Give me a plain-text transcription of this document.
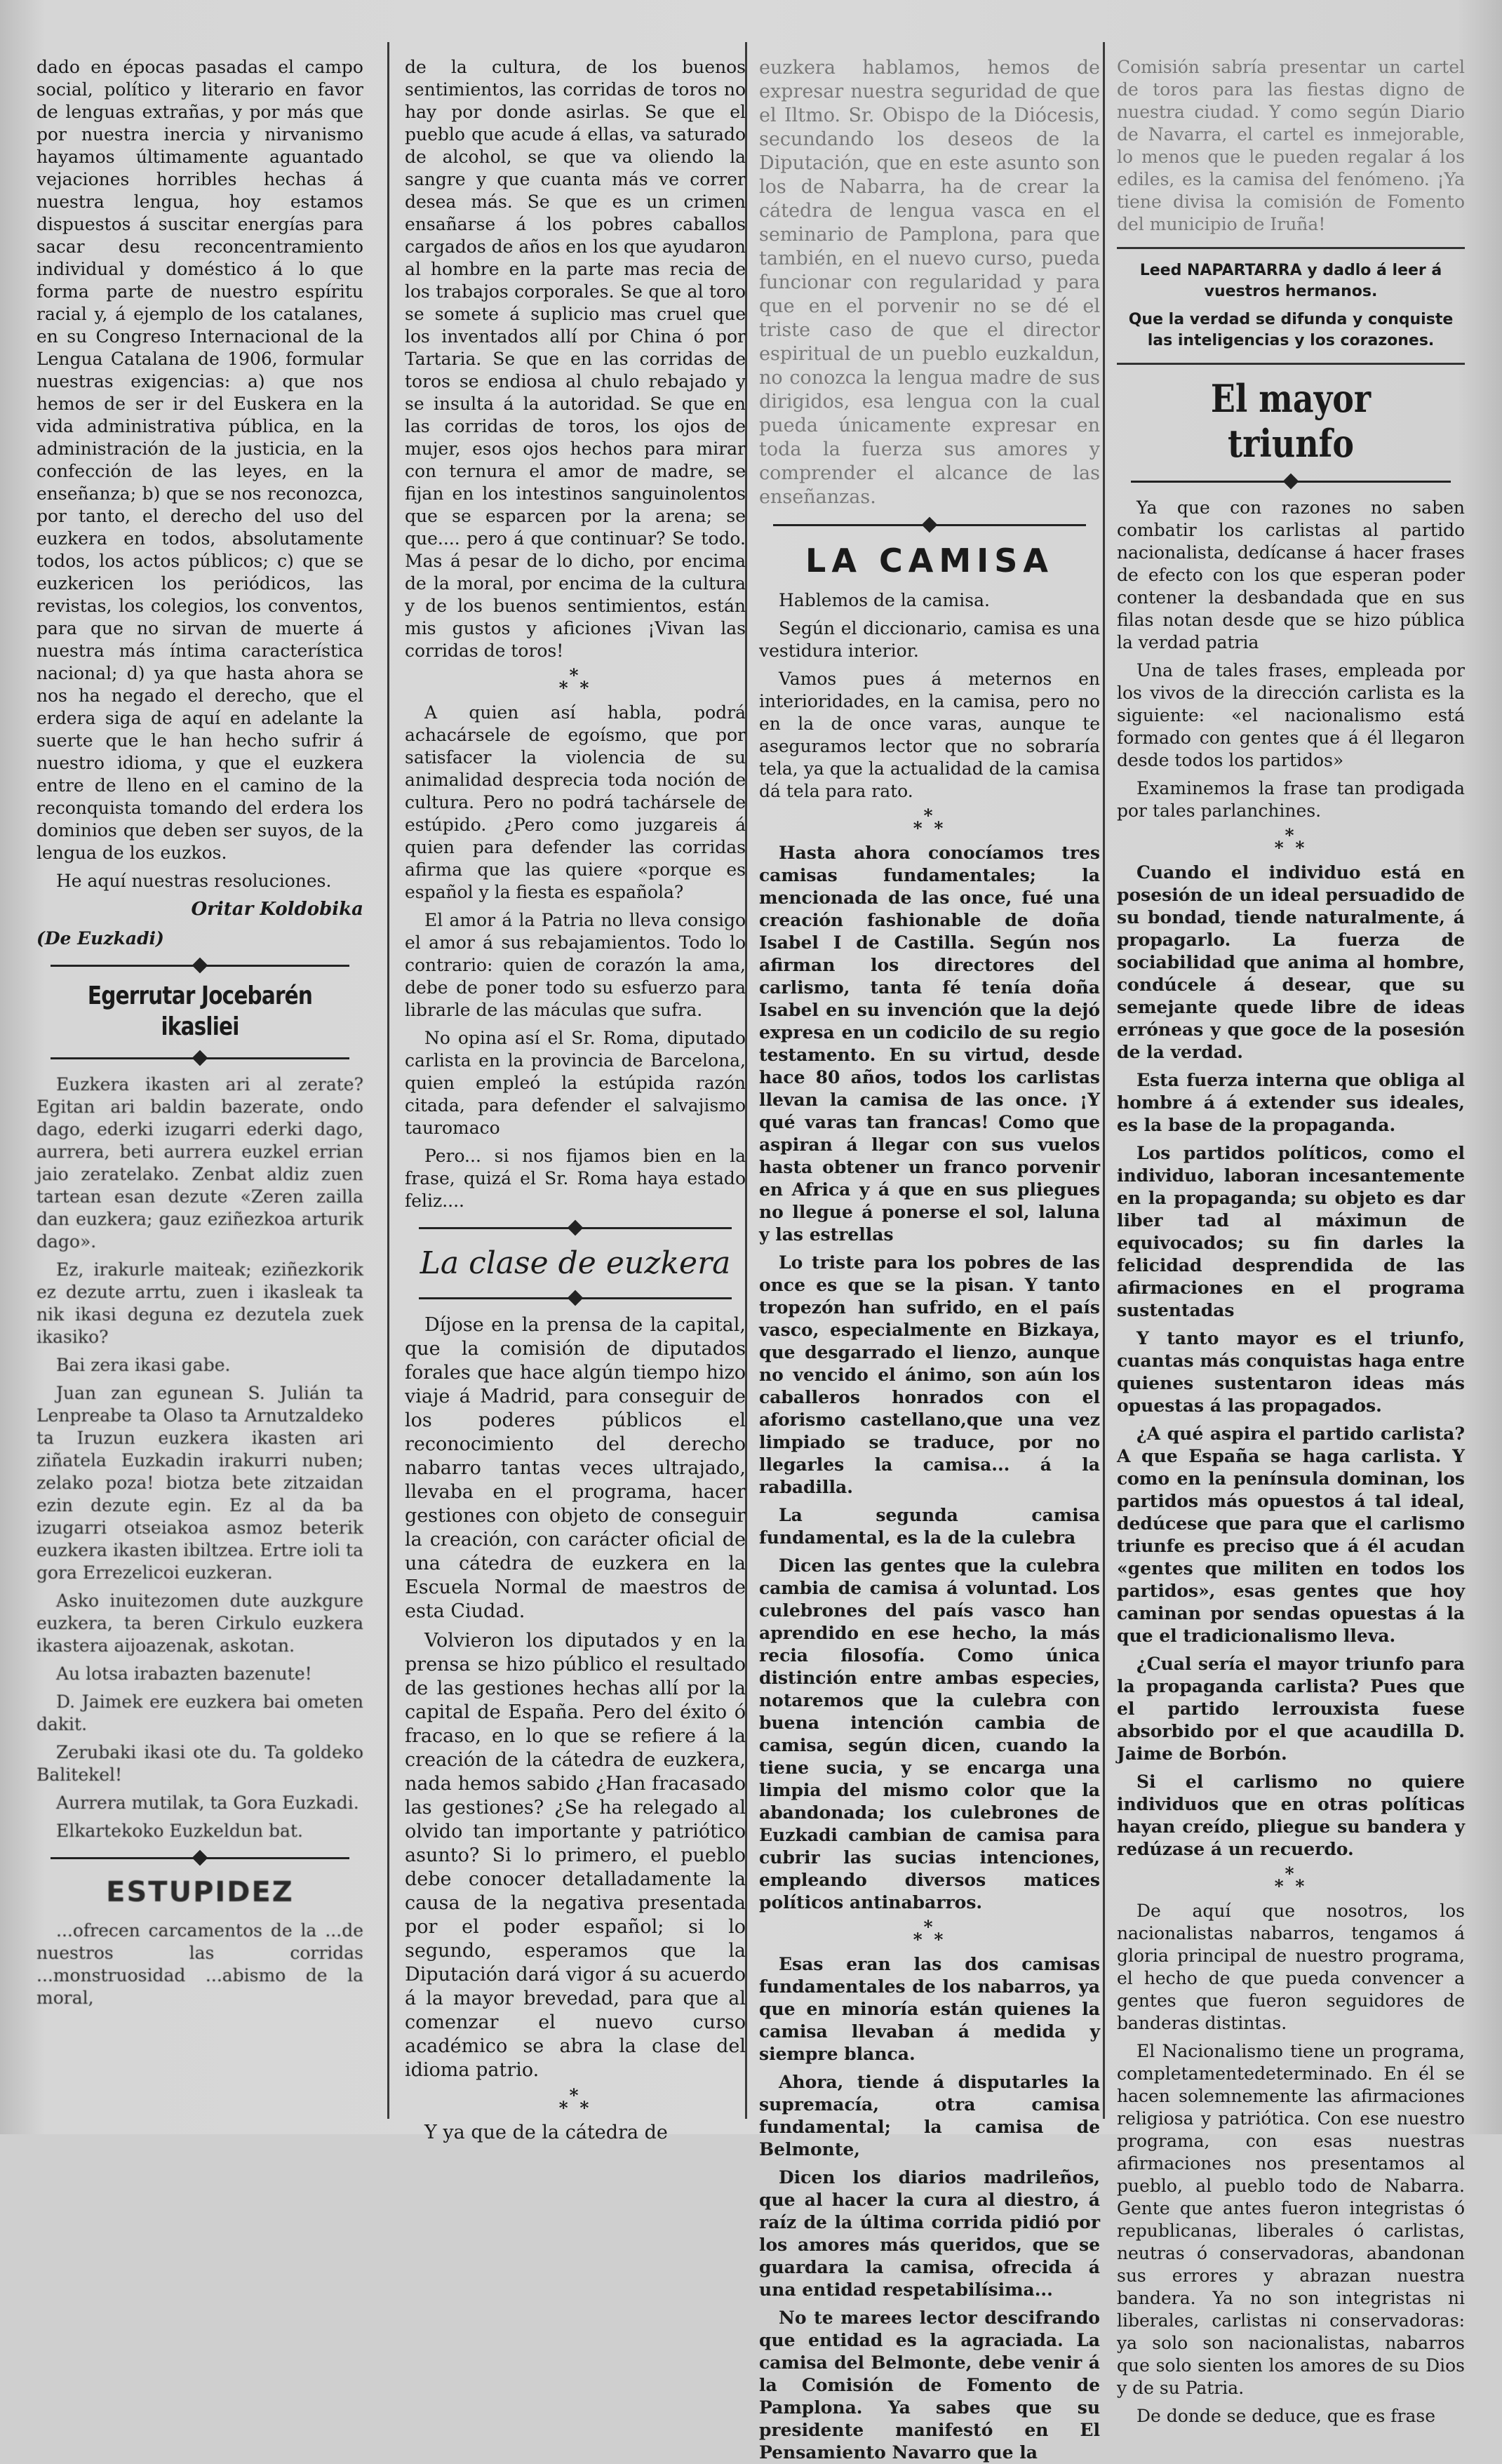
dado en épocas pasadas el campo social, político y literario en favor de lenguas extrañas, y por más que por nuestra inercia y nirvanismo hayamos últimamente aguantado vejaciones horribles hechas á nuestra lengua, hoy estamos dispuestos á suscitar energías para sacar desu reconcentramiento individual y doméstico á lo que forma parte de nuestro espíritu racial y, á ejemplo de los catalanes, en su Congreso Internacional de la Lengua Catalana de 1906, formular nuestras exigencias: a) que nos hemos de ser ir del Euskera en la vida administrativa pública, en la administración de la justicia, en la confección de las leyes, en la enseñanza; b) que se nos reconozca, por tanto, el derecho del uso del euzkera en todos, absolutamente todos, los actos públicos; c) que se euzkericen los periódicos, las revistas, los colegios, los conventos, para que no sirvan de muerte á nuestra más íntima característica nacional; d) ya que hasta ahora se nos ha negado el derecho, que el erdera siga de aquí en adelante la suerte que le han hecho sufrir á nuestro idioma, y que el euzkera entre de lleno en el camino de la reconquista tomando del erdera los dominios que deben ser suyos, de la lengua de los euzkos.

He aquí nuestras resoluciones.

Oritar Koldobika
(De Euzkadi)
Egerrutar Jocebarén ikasliei

Euzkera ikasten ari al zerate? Egitan ari baldin bazerate, ondo dago, ederki izugarri ederki dago, aurrera, beti aurrera euzkel errian jaio zeratelako. Zenbat aldiz zuen tartean esan dezute «Zeren zailla dan euzkera; gauz eziñezkoa arturik dago».

Ez, irakurle maiteak; eziñezkorik ez dezute arrtu, zuen i ikasleak ta nik ikasi deguna ez dezutela zuek ikasiko?

Bai zera ikasi gabe.

Juan zan egunean S. Julián ta Lenpreabe ta Olaso ta Arnutzaldeko ta Iruzun euzkera ikasten ari ziñatela Euzkadin irakurri nuben; zelako poza! biotza bete zitzaidan ezin dezute egin. Ez al da ba izugarri otseiakoa asmoz beterik euzkera ikasten ibiltzea. Ertre ioli ta gora Errezelicoi euzkeran.

Asko inuitezomen dute auzkgure euzkera, ta beren Cirkulo euzkera ikastera aijoazenak, askotan.

Au lotsa irabazten bazenute!

D. Jaimek ere euzkera bai ometen dakit.

Zerubaki ikasi ote du. Ta goldeko Balitekel!

Aurrera mutilak, ta Gora Euzkadi.

Elkartekoko Euzkeldun bat.

ESTUPIDEZ

...ofrecen carcamentos de la ...de nuestros las corridas ...monstruosidad ...abismo de la moral,

de la cultura, de los buenos sentimientos, las corridas de toros no hay por donde asirlas. Se que el pueblo que acude á ellas, va saturado de alcohol, se que va oliendo la sangre y que cuanta más ve correr desea más. Se que es un crimen ensañarse á los pobres caballos cargados de años en los que ayudaron al hombre en la parte mas recia de los trabajos corporales. Se que al toro se somete á suplicio mas cruel que los inventados allí por China ó por Tartaria. Se que en las corridas de toros se endiosa al chulo rebajado y se insulta á la autoridad. Se que en las corridas de toros, los ojos de mujer, esos ojos hechos para mirar con ternura el amor de madre, se fijan en los intestinos sanguinolentos que se esparcen por la arena; se que.... pero á que continuar? Se todo. Mas á pesar de lo dicho, por encima de la moral, por encima de la cultura y de los buenos sentimientos, están mis gustos y aficiones ¡Vivan las corridas de toros!

*
* *

A quien así habla, podrá achacársele de egoísmo, que por satisfacer la violencia de su animalidad desprecia toda noción de cultura. Pero no podrá tachársele de estúpido. ¿Pero como juzgareis á quien para defender las corridas afirma que las quiere «porque es español y la fiesta es española?

El amor á la Patria no lleva consigo el amor á sus rebajamientos. Todo lo contrario: quien de corazón la ama, debe de poner todo su esfuerzo para librarle de las máculas que sufra.

No opina así el Sr. Roma, diputado carlista en la provincia de Barcelona, quien empleó la estúpida razón citada, para defender el salvajismo tauromaco

Pero... si nos fijamos bien en la frase, quizá el Sr. Roma haya estado feliz....

La clase de euzkera

Díjose en la prensa de la capital, que la comisión de diputados forales que hace algún tiempo hizo viaje á Madrid, para conseguir de los poderes públicos el reconocimiento del derecho nabarro tantas veces ultrajado, llevaba en el programa, hacer gestiones con objeto de conseguir la creación, con carácter oficial de una cátedra de euzkera en la Escuela Normal de maestros de esta Ciudad.

Volvieron los diputados y en la prensa se hizo público el resultado de las gestiones hechas allí por la capital de España. Pero del éxito ó fracaso, en lo que se refiere á la creación de la cátedra de euzkera, nada hemos sabido ¿Han fracasado las gestiones? ¿Se ha relegado al olvido tan importante y patriótico asunto? Si lo primero, el pueblo debe conocer detalladamente la causa de la negativa presentada por el poder español; si lo segundo, esperamos que la Diputación dará vigor á su acuerdo á la mayor brevedad, para que al comenzar el nuevo curso académico se abra la clase del idioma patrio.

*
* *

Y ya que de la cátedra de

euzkera hablamos, hemos de expresar nuestra seguridad de que el Iltmo. Sr. Obispo de la Diócesis, secundando los deseos de la Diputación, que en este asunto son los de Nabarra, ha de crear la cátedra de lengua vasca en el seminario de Pamplona, para que también, en el nuevo curso, pueda funcionar con regularidad y para que en el porvenir no se dé el triste caso de que el director espiritual de un pueblo euzkaldun, no conozca la lengua madre de sus dirigidos, esa lengua con la cual pueda únicamente expresar en toda la fuerza sus amores y comprender el alcance de las enseñanzas.

LA CAMISA

Hablemos de la camisa.

Según el diccionario, camisa es una vestidura interior.

Vamos pues á meternos en interioridades, en la camisa, pero no en la de once varas, aunque te aseguramos lector que no sobraría tela, ya que la actualidad de la camisa dá tela para rato.

*
* *

Hasta ahora conocíamos tres camisas fundamentales; la mencionada de las once, fué una creación fashionable de doña Isabel I de Castilla. Según nos afirman los directores del carlismo, tanta fé tenía doña Isabel en su invención que la dejó expresa en un codicilo de su regio testamento. En su virtud, desde hace 80 años, todos los carlistas llevan la camisa de las once. ¡Y qué varas tan francas! Como que aspiran á llegar con sus vuelos hasta obtener un franco porvenir en Africa y á que en sus pliegues no llegue á ponerse el sol, laluna y las estrellas

Lo triste para los pobres de las once es que se la pisan. Y tanto tropezón han sufrido, en el país vasco, especialmente en Bizkaya, que desgarrado el lienzo, aunque no vencido el ánimo, son aún los caballeros honrados con el aforismo castellano,que una vez limpiado se traduce, por no llegarles la camisa... á la rabadilla.

La segunda camisa fundamental, es la de la culebra

Dicen las gentes que la culebra cambia de camisa á voluntad. Los culebrones del país vasco han aprendido en ese hecho, la más recia filosofía. Como única distinción entre ambas especies, notaremos que la culebra con buena intención cambia de camisa, según dicen, cuando la tiene sucia, y se encarga una limpia del mismo color que la abandonada; los culebrones de Euzkadi cambian de camisa para cubrir las sucias intenciones, empleando diversos matices políticos antinabarros.

*
* *

Esas eran las dos camisas fundamentales de los nabarros, ya que en minoría están quienes la camisa llevaban á medida y siempre blanca.

Ahora, tiende á disputarles la supremacía, otra camisa fundamental; la camisa de Belmonte,

Dicen los diarios madrileños, que al hacer la cura al diestro, á raíz de la última corrida pidió por los amores más queridos, que se guardara la camisa, ofrecida á una entidad respetabilísima...

No te marees lector descifrando que entidad es la agraciada. La camisa del Belmonte, debe venir á la Comisión de Fomento de Pamplona. Ya sabes que su presidente manifestó en El Pensamiento Navarro que la

Comisión sabría presentar un cartel de toros para las fiestas digno de nuestra ciudad. Y como según Diario de Navarra, el cartel es inmejorable, lo menos que le pueden regalar á los ediles, es la camisa del fenómeno. ¡Ya tiene divisa la comisión de Fomento del municipio de Iruña!

Leed NAPARTARRA y dadlo á leer á vuestros hermanos.
Que la verdad se difunda y conquiste las inteligencias y los corazones.
El mayor triunfo

Ya que con razones no saben combatir los carlistas al partido nacionalista, dedícanse á hacer frases de efecto con los que esperan poder contener la desbandada que en sus filas notan desde que se hizo pública la verdad patria

Una de tales frases, empleada por los vivos de la dirección carlista es la siguiente: «el nacionalismo está formado con gentes que á él llegaron desde todos los partidos»

Examinemos la frase tan prodigada por tales parlanchines.

*
* *

Cuando el individuo está en posesión de un ideal persuadido de su bondad, tiende naturalmente, á propagarlo. La fuerza de sociabilidad que anima al hombre, condúcele á desear, que su semejante quede libre de ideas erróneas y que goce de la posesión de la verdad.

Esta fuerza interna que obliga al hombre á á extender sus ideales, es la base de la propaganda.

Los partidos políticos, como el individuo, laboran incesantemente en la propaganda; su objeto es dar liber tad al máximun de equivocados; su fin darles la felicidad desprendida de las afirmaciones en el programa sustentadas

Y tanto mayor es el triunfo, cuantas más conquistas haga entre quienes sustentaron ideas más opuestas á las propagados.

¿A qué aspira el partido carlista? A que España se haga carlista. Y como en la península dominan, los partidos más opuestos á tal ideal, dedúcese que para que el carlismo triunfe es preciso que á él acudan «gentes que militen en todos los partidos», esas gentes que hoy caminan por sendas opuestas á la que el tradicionalismo lleva.

¿Cual sería el mayor triunfo para la propaganda carlista? Pues que el partido lerrouxista fuese absorbido por el que acaudilla D. Jaime de Borbón.

Si el carlismo no quiere individuos que en otras políticas hayan creído, pliegue su bandera y redúzase á un recuerdo.

*
* *

De aquí que nosotros, los nacionalistas nabarros, tengamos á gloria principal de nuestro programa, el hecho de que pueda convencer a gentes que fueron seguidores de banderas distintas.

El Nacionalismo tiene un programa, completamentedeterminado. En él se hacen solemnemente las afirmaciones religiosa y patriótica. Con ese nuestro programa, con esas nuestras afirmaciones nos presentamos al pueblo, al pueblo todo de Nabarra. Gente que antes fueron integristas ó republicanas, liberales ó carlistas, neutras ó conservadoras, abandonan sus errores y abrazan nuestra bandera. Ya no son integristas ni liberales, carlistas ni conservadoras: ya solo son nacionalistas, nabarros que solo sienten los amores de su Dios y de su Patria.

De donde se deduce, que es frase
